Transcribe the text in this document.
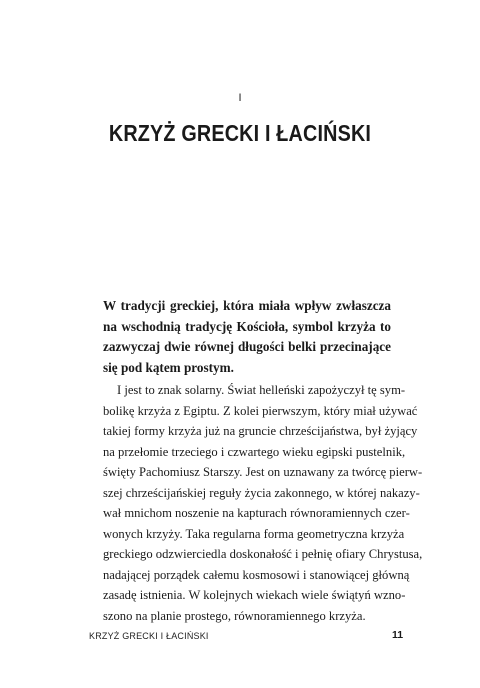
I
KRZYŻ GRECKI I ŁACIŃSKI
W tradycji greckiej, która miała wpływ zwłaszcza
na wschodnią tradycję Kościoła, symbol krzyża to
zazwyczaj dwie równej długości belki przecinające
się pod kątem prostym.
I jest to znak solarny. Świat helleński zapożyczył tę sym-
bolikę krzyża z Egiptu. Z kolei pierwszym, który miał używać
takiej formy krzyża już na gruncie chrześcijaństwa, był żyjący
na przełomie trzeciego i czwartego wieku egipski pustelnik,
święty Pachomiusz Starszy. Jest on uznawany za twórcę pierw-
szej chrześcijańskiej reguły życia zakonnego, w której nakazy-
wał mnichom noszenie na kapturach równoramiennych czer-
wonych krzyży. Taka regularna forma geometryczna krzyża
greckiego odzwierciedla doskonałość i pełnię ofiary Chrystusa,
nadającej porządek całemu kosmosowi i stanowiącej główną
zasadę istnienia. W kolejnych wiekach wiele świątyń wzno-
szono na planie prostego, równoramiennego krzyża.
KRZYŻ GRECKI I ŁACIŃSKI	11
